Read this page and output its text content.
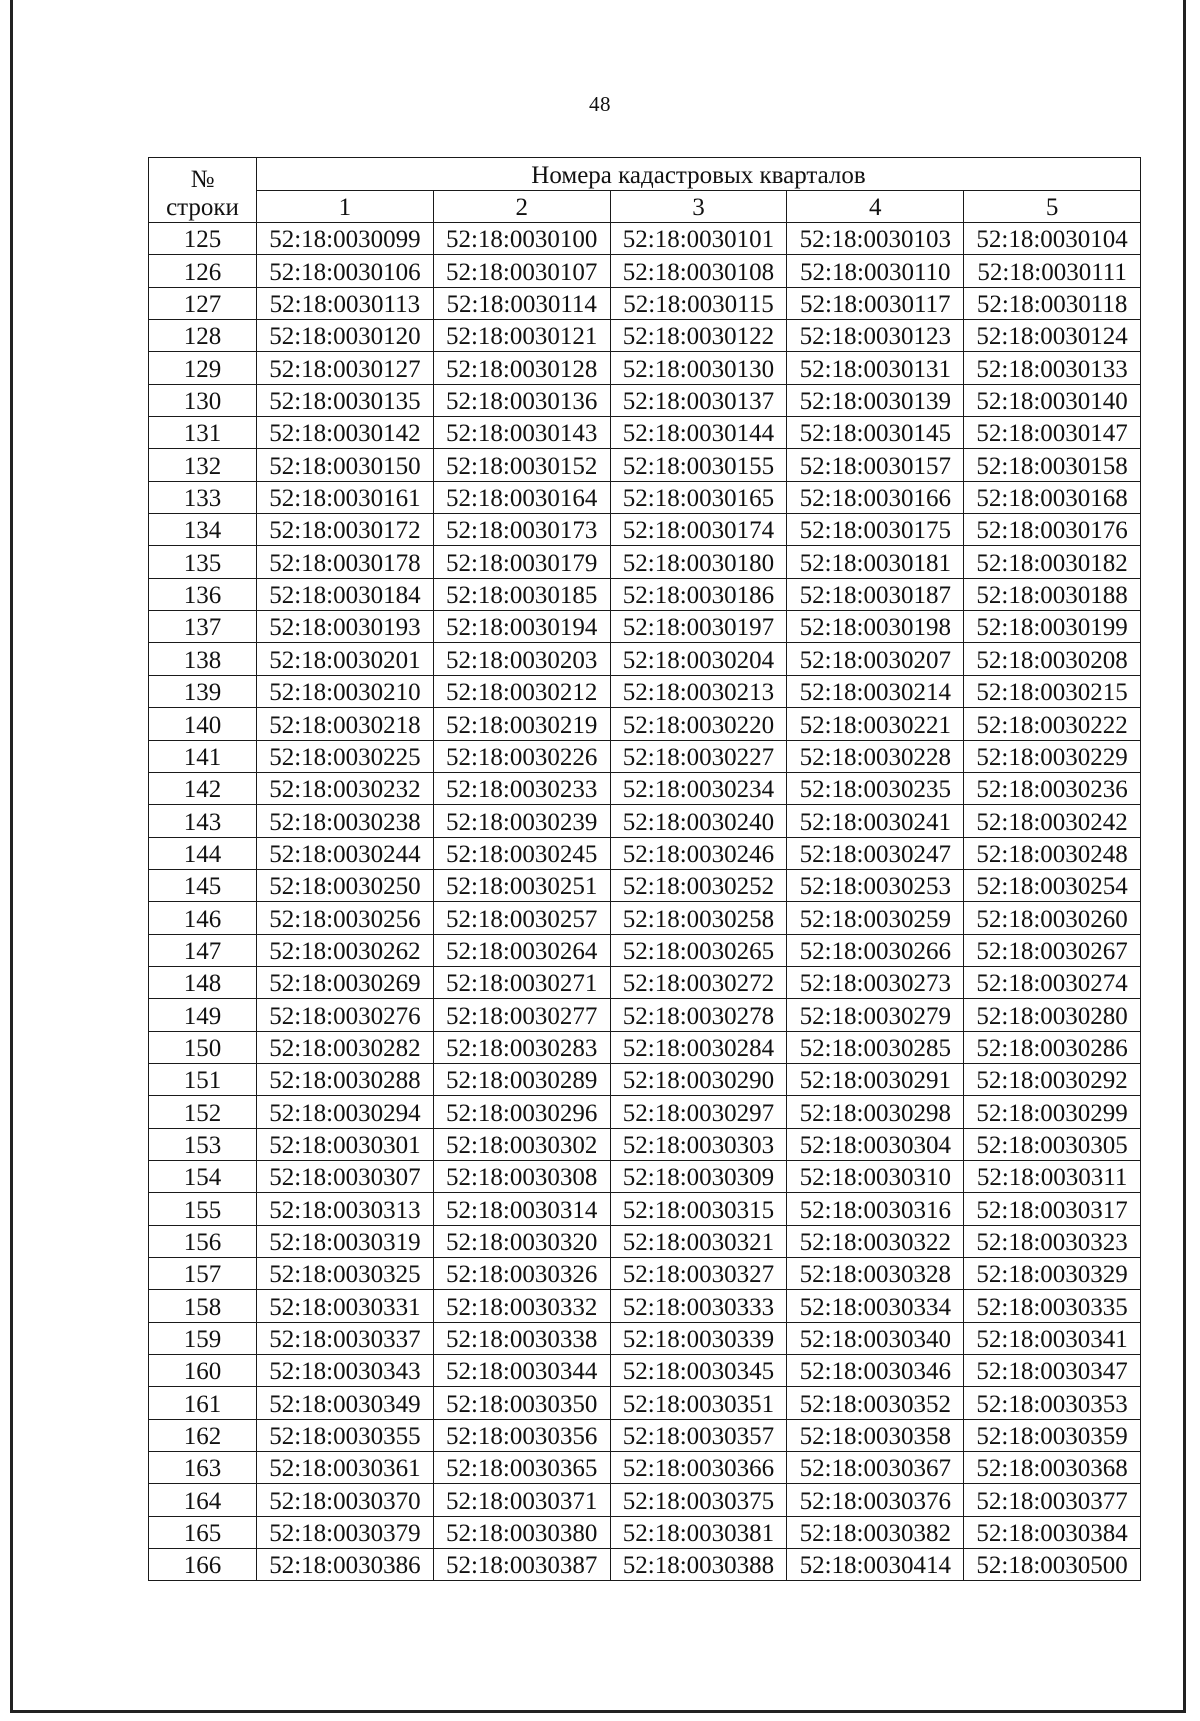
48
№
строки	Номера кадастровых кварталов				
	1	2	3	4	5
125	52:18:0030099	52:18:0030100	52:18:0030101	52:18:0030103	52:18:0030104
126	52:18:0030106	52:18:0030107	52:18:0030108	52:18:0030110	52:18:0030111
127	52:18:0030113	52:18:0030114	52:18:0030115	52:18:0030117	52:18:0030118
128	52:18:0030120	52:18:0030121	52:18:0030122	52:18:0030123	52:18:0030124
129	52:18:0030127	52:18:0030128	52:18:0030130	52:18:0030131	52:18:0030133
130	52:18:0030135	52:18:0030136	52:18:0030137	52:18:0030139	52:18:0030140
131	52:18:0030142	52:18:0030143	52:18:0030144	52:18:0030145	52:18:0030147
132	52:18:0030150	52:18:0030152	52:18:0030155	52:18:0030157	52:18:0030158
133	52:18:0030161	52:18:0030164	52:18:0030165	52:18:0030166	52:18:0030168
134	52:18:0030172	52:18:0030173	52:18:0030174	52:18:0030175	52:18:0030176
135	52:18:0030178	52:18:0030179	52:18:0030180	52:18:0030181	52:18:0030182
136	52:18:0030184	52:18:0030185	52:18:0030186	52:18:0030187	52:18:0030188
137	52:18:0030193	52:18:0030194	52:18:0030197	52:18:0030198	52:18:0030199
138	52:18:0030201	52:18:0030203	52:18:0030204	52:18:0030207	52:18:0030208
139	52:18:0030210	52:18:0030212	52:18:0030213	52:18:0030214	52:18:0030215
140	52:18:0030218	52:18:0030219	52:18:0030220	52:18:0030221	52:18:0030222
141	52:18:0030225	52:18:0030226	52:18:0030227	52:18:0030228	52:18:0030229
142	52:18:0030232	52:18:0030233	52:18:0030234	52:18:0030235	52:18:0030236
143	52:18:0030238	52:18:0030239	52:18:0030240	52:18:0030241	52:18:0030242
144	52:18:0030244	52:18:0030245	52:18:0030246	52:18:0030247	52:18:0030248
145	52:18:0030250	52:18:0030251	52:18:0030252	52:18:0030253	52:18:0030254
146	52:18:0030256	52:18:0030257	52:18:0030258	52:18:0030259	52:18:0030260
147	52:18:0030262	52:18:0030264	52:18:0030265	52:18:0030266	52:18:0030267
148	52:18:0030269	52:18:0030271	52:18:0030272	52:18:0030273	52:18:0030274
149	52:18:0030276	52:18:0030277	52:18:0030278	52:18:0030279	52:18:0030280
150	52:18:0030282	52:18:0030283	52:18:0030284	52:18:0030285	52:18:0030286
151	52:18:0030288	52:18:0030289	52:18:0030290	52:18:0030291	52:18:0030292
152	52:18:0030294	52:18:0030296	52:18:0030297	52:18:0030298	52:18:0030299
153	52:18:0030301	52:18:0030302	52:18:0030303	52:18:0030304	52:18:0030305
154	52:18:0030307	52:18:0030308	52:18:0030309	52:18:0030310	52:18:0030311
155	52:18:0030313	52:18:0030314	52:18:0030315	52:18:0030316	52:18:0030317
156	52:18:0030319	52:18:0030320	52:18:0030321	52:18:0030322	52:18:0030323
157	52:18:0030325	52:18:0030326	52:18:0030327	52:18:0030328	52:18:0030329
158	52:18:0030331	52:18:0030332	52:18:0030333	52:18:0030334	52:18:0030335
159	52:18:0030337	52:18:0030338	52:18:0030339	52:18:0030340	52:18:0030341
160	52:18:0030343	52:18:0030344	52:18:0030345	52:18:0030346	52:18:0030347
161	52:18:0030349	52:18:0030350	52:18:0030351	52:18:0030352	52:18:0030353
162	52:18:0030355	52:18:0030356	52:18:0030357	52:18:0030358	52:18:0030359
163	52:18:0030361	52:18:0030365	52:18:0030366	52:18:0030367	52:18:0030368
164	52:18:0030370	52:18:0030371	52:18:0030375	52:18:0030376	52:18:0030377
165	52:18:0030379	52:18:0030380	52:18:0030381	52:18:0030382	52:18:0030384
166	52:18:0030386	52:18:0030387	52:18:0030388	52:18:0030414	52:18:0030500
